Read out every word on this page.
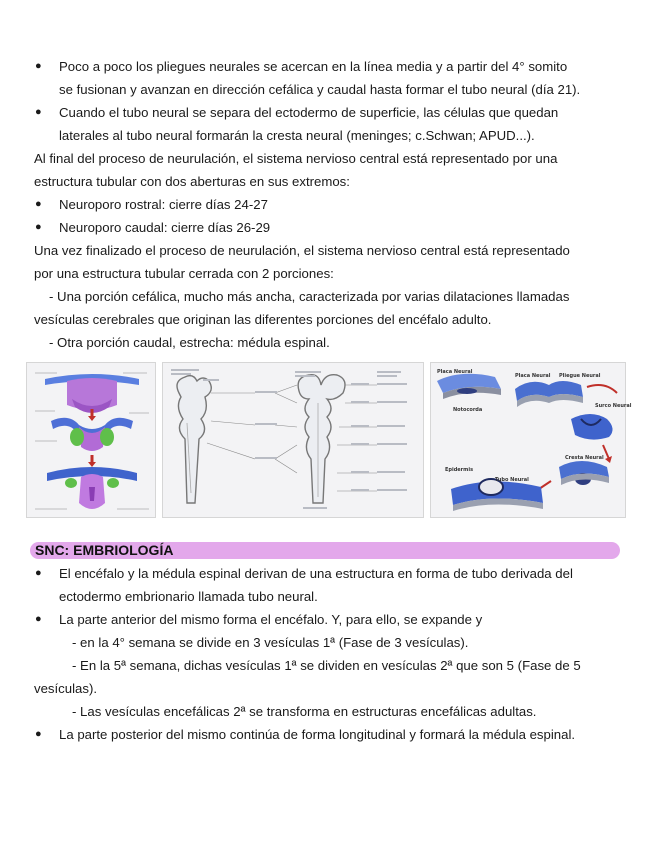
● Poco a poco los pliegues neurales se acercan en la línea media y a partir del 4° somito
se fusionan y avanzan en dirección cefálica y caudal hasta formar el tubo neural (día 21).
● Cuando el tubo neural se separa del ectodermo de superficie, las células que quedan
laterales al tubo neural formarán la cresta neural (meninges; c.Schwan; APUD...).
Al final del proceso de neurulación, el sistema nervioso central está representado por una
estructura tubular con dos aberturas en sus extremos:
● Neuroporo rostral: cierre días 24-27
● Neuroporo caudal: cierre días 26-29
Una vez finalizado el proceso de neurulación, el sistema nervioso central está representado
por una estructura tubular cerrada con 2 porciones:
- Una porción cefálica, mucho más ancha, caracterizada por varias dilataciones llamadas
vesículas cerebrales que originan las diferentes porciones del encéfalo adulto.
- Otra porción caudal, estrecha: médula espinal.
Placa Neural
Placa Neural Pliegue Neural
Notocorda
Surco Neural
Epidermis
Cresta Neural
Tubo Neural
SNC: EMBRIOLOGÍA
● El encéfalo y la médula espinal derivan de una estructura en forma de tubo derivada del
ectodermo embrionario llamada tubo neural.
● La parte anterior del mismo forma el encéfalo. Y, para ello, se expande y
- en la 4° semana se divide en 3 vesículas 1ª (Fase de 3 vesículas).
- En la 5ª semana, dichas vesículas 1ª se dividen en vesículas 2ª que son 5 (Fase de 5
vesículas).
- Las vesículas encefálicas 2ª se transforma en estructuras encefálicas adultas.
● La parte posterior del mismo continúa de forma longitudinal y formará la médula espinal.
